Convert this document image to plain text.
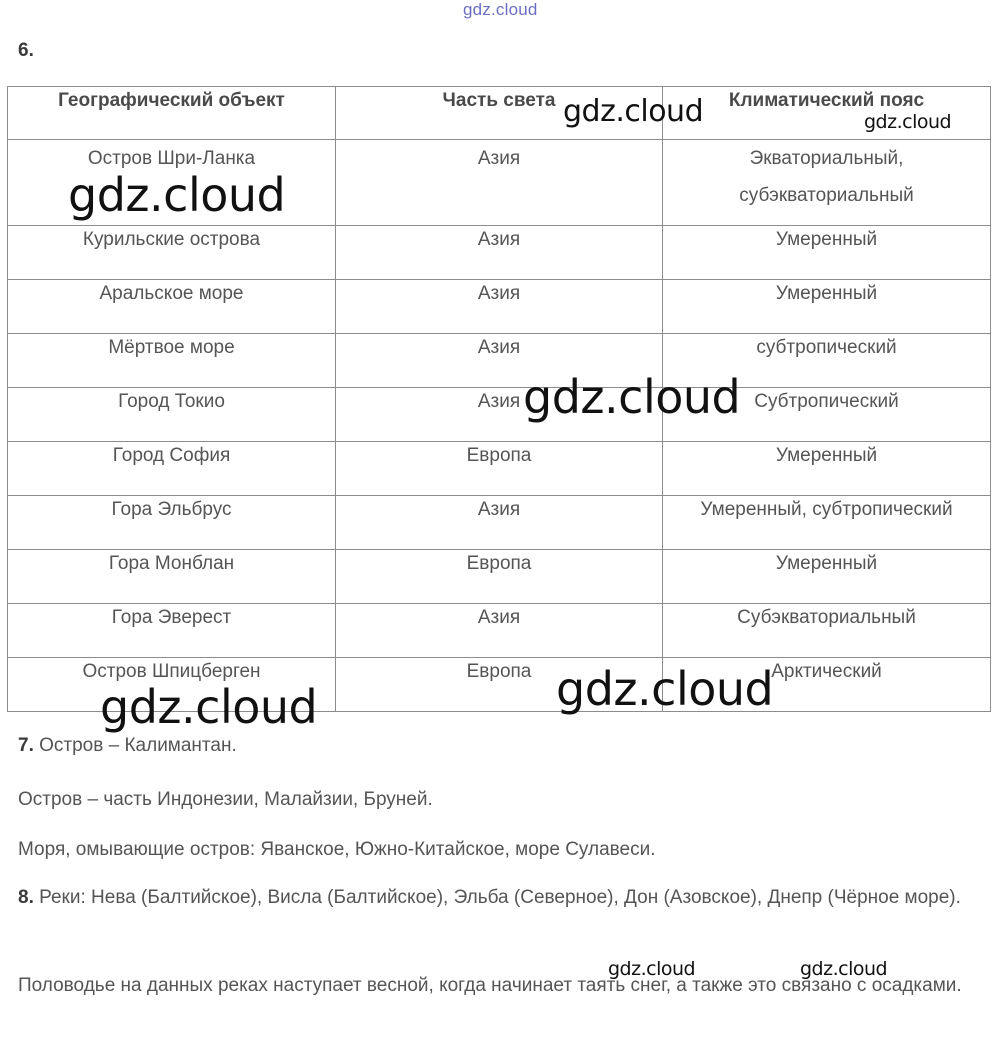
gdz.cloud
6.
Географический объект	Часть света	Климатический пояс
Остров Шри-Ланка	Азия	Экваториальный,
субэкваториальный

Курильские острова	Азия	Умеренный
Аральское море	Азия	Умеренный
Мёртвое море	Азия	субтропический
Город Токио	Азия	Субтропический
Город София	Европа	Умеренный
Гора Эльбрус	Азия	Умеренный, субтропический
Гора Монблан	Европа	Умеренный
Гора Эверест	Азия	Субэкваториальный
Остров Шпицберген	Европа	Арктический
7. Остров – Калимантан.
Остров – часть Индонезии, Малайзии, Бруней.
Моря, омывающие остров: Яванское, Южно-Китайское, море Сулавеси.
8. Реки: Нева (Балтийское), Висла (Балтийское), Эльба (Северное), Дон (Азовское), Днепр (Чёрное море).
Половодье на данных реках наступает весной, когда начинает таять снег, а также это связано с осадками.
gdz.cloud	gdz.cloud
gdz.cloud
gdz.cloud
gdz.cloud
gdz.cloud
gdz.cloud	gdz.cloud
